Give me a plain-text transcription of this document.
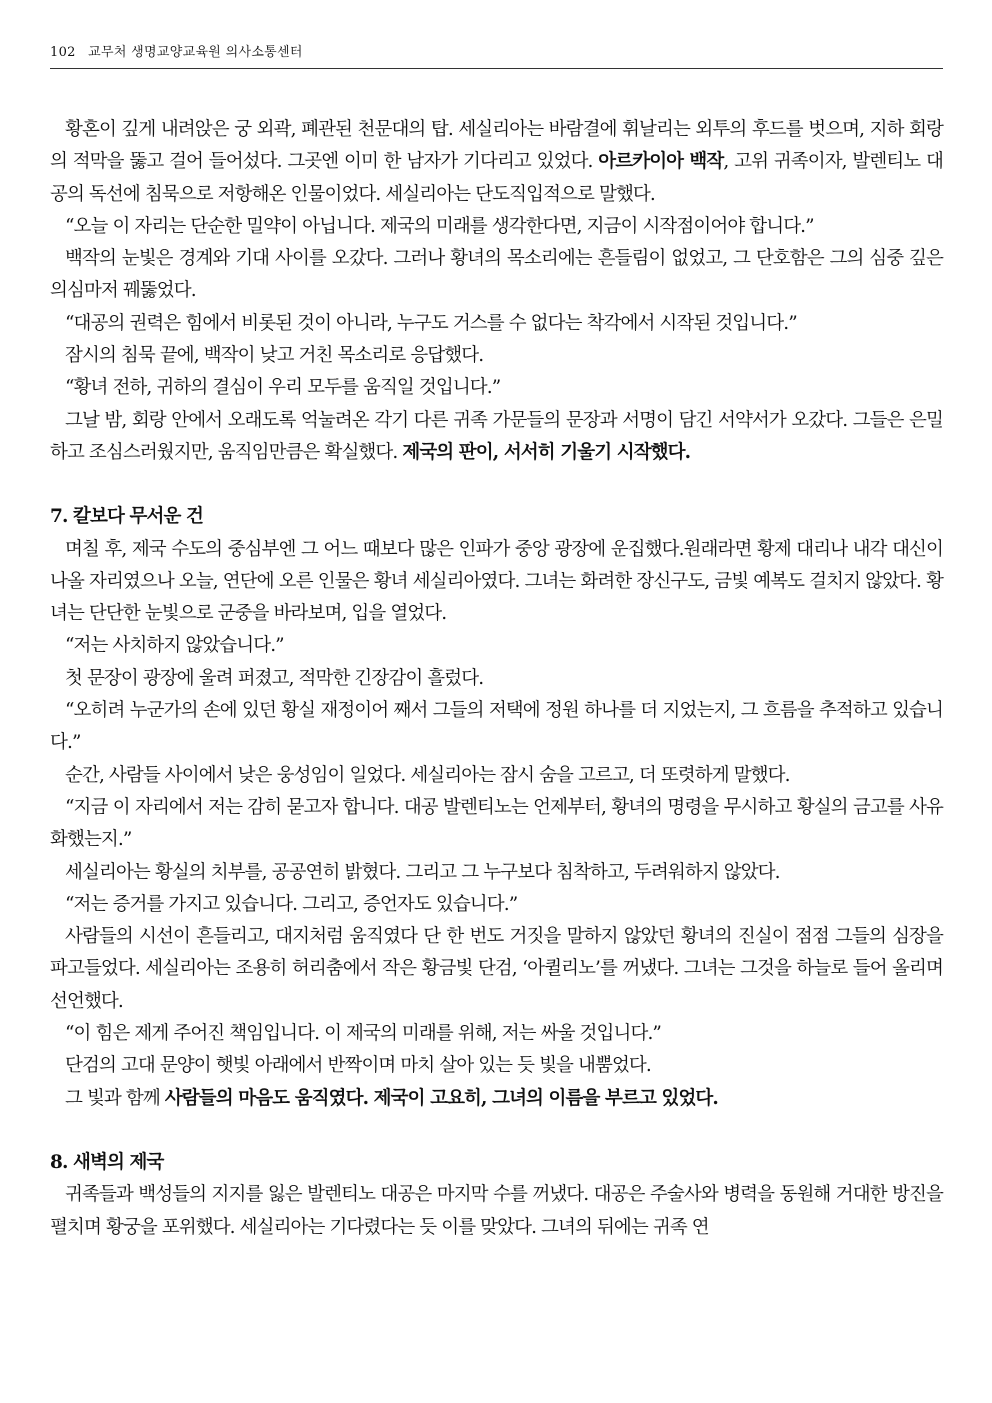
102 교무처 생명교양교육원 의사소통센터

황혼이 깊게 내려앉은 궁 외곽, 폐관된 천문대의 탑. 세실리아는 바람결에 휘날리는 외투의 후드를 벗으며, 지하 회랑의 적막을 뚫고 걸어 들어섰다. 그곳엔 이미 한 남자가 기다리고 있었다. 아르카이아 백작, 고위 귀족이자, 발렌티노 대공의 독선에 침묵으로 저항해온 인물이었다. 세실리아는 단도직입적으로 말했다.

“오늘 이 자리는 단순한 밀약이 아닙니다. 제국의 미래를 생각한다면, 지금이 시작점이어야 합니다.”

백작의 눈빛은 경계와 기대 사이를 오갔다. 그러나 황녀의 목소리에는 흔들림이 없었고, 그 단호함은 그의 심중 깊은 의심마저 꿰뚫었다.

“대공의 권력은 힘에서 비롯된 것이 아니라, 누구도 거스를 수 없다는 착각에서 시작된 것입니다.”

잠시의 침묵 끝에, 백작이 낮고 거친 목소리로 응답했다.

“황녀 전하, 귀하의 결심이 우리 모두를 움직일 것입니다.”

그날 밤, 회랑 안에서 오래도록 억눌려온 각기 다른 귀족 가문들의 문장과 서명이 담긴 서약서가 오갔다. 그들은 은밀하고 조심스러웠지만, 움직임만큼은 확실했다. 제국의 판이, 서서히 기울기 시작했다.

7. 칼보다 무서운 건

며칠 후, 제국 수도의 중심부엔 그 어느 때보다 많은 인파가 중앙 광장에 운집했다.원래라면 황제 대리나 내각 대신이 나올 자리였으나 오늘, 연단에 오른 인물은 황녀 세실리아였다. 그녀는 화려한 장신구도, 금빛 예복도 걸치지 않았다. 황녀는 단단한 눈빛으로 군중을 바라보며, 입을 열었다.

“저는 사치하지 않았습니다.”

첫 문장이 광장에 울려 퍼졌고, 적막한 긴장감이 흘렀다.

“오히려 누군가의 손에 있던 황실 재정이어 째서 그들의 저택에 정원 하나를 더 지었는지, 그 흐름을 추적하고 있습니다.”

순간, 사람들 사이에서 낮은 웅성임이 일었다. 세실리아는 잠시 숨을 고르고, 더 또렷하게 말했다.

“지금 이 자리에서 저는 감히 묻고자 합니다. 대공 발렌티노는 언제부터, 황녀의 명령을 무시하고 황실의 금고를 사유화했는지.”

세실리아는 황실의 치부를, 공공연히 밝혔다. 그리고 그 누구보다 침착하고, 두려워하지 않았다.

“저는 증거를 가지고 있습니다. 그리고, 증언자도 있습니다.”

사람들의 시선이 흔들리고, 대지처럼 움직였다 단 한 번도 거짓을 말하지 않았던 황녀의 진실이 점점 그들의 심장을 파고들었다. 세실리아는 조용히 허리춤에서 작은 황금빛 단검, ‘아퀼리노’를 꺼냈다. 그녀는 그것을 하늘로 들어 올리며 선언했다.

“이 힘은 제게 주어진 책임입니다. 이 제국의 미래를 위해, 저는 싸울 것입니다.”

단검의 고대 문양이 햇빛 아래에서 반짝이며 마치 살아 있는 듯 빛을 내뿜었다.

그 빛과 함께 사람들의 마음도 움직였다. 제국이 고요히, 그녀의 이름을 부르고 있었다.

8. 새벽의 제국

귀족들과 백성들의 지지를 잃은 발렌티노 대공은 마지막 수를 꺼냈다. 대공은 주술사와 병력을 동원해 거대한 방진을 펼치며 황궁을 포위했다. 세실리아는 기다렸다는 듯 이를 맞았다. 그녀의 뒤에는 귀족 연
